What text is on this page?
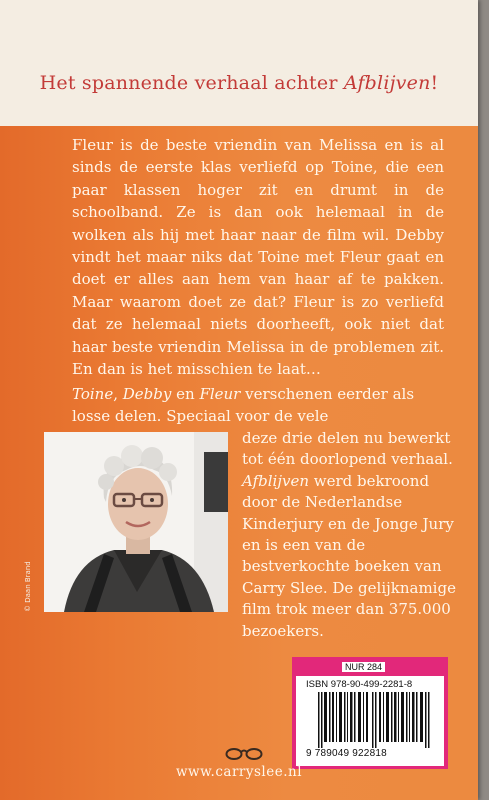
Het spannende verhaal achter Afblijven!

Fleur is de beste vriendin van Melissa en is al sinds de eerste klas verliefd op Toine, die een paar klassen hoger zit en drumt in de schoolband. Ze is dan ook helemaal in de wolken als hij met haar naar de film wil. Debby vindt het maar niks dat Toine met Fleur gaat en doet er alles aan hem van haar af te pakken. Maar waarom doet ze dat? Fleur is zo verliefd dat ze helemaal niets doorheeft, ook niet dat haar beste vriendin Melissa in de problemen zit. En dan is het misschien te laat…

Toine, Debby en Fleur verschenen eerder als losse delen. Speciaal voor de vele

deze drie delen nu bewerkt tot één doorlopend verhaal. Afblijven werd bekroond door de Nederlandse Kinderjury en de Jonge Jury en is een van de bestverkochte boeken van Carry Slee. De gelijknamige film trok meer dan 375.000 bezoekers.

© Daan Brand
NUR 284
ISBN 978-90-499-2281-8
9 789049 922818
www.carryslee.nl
